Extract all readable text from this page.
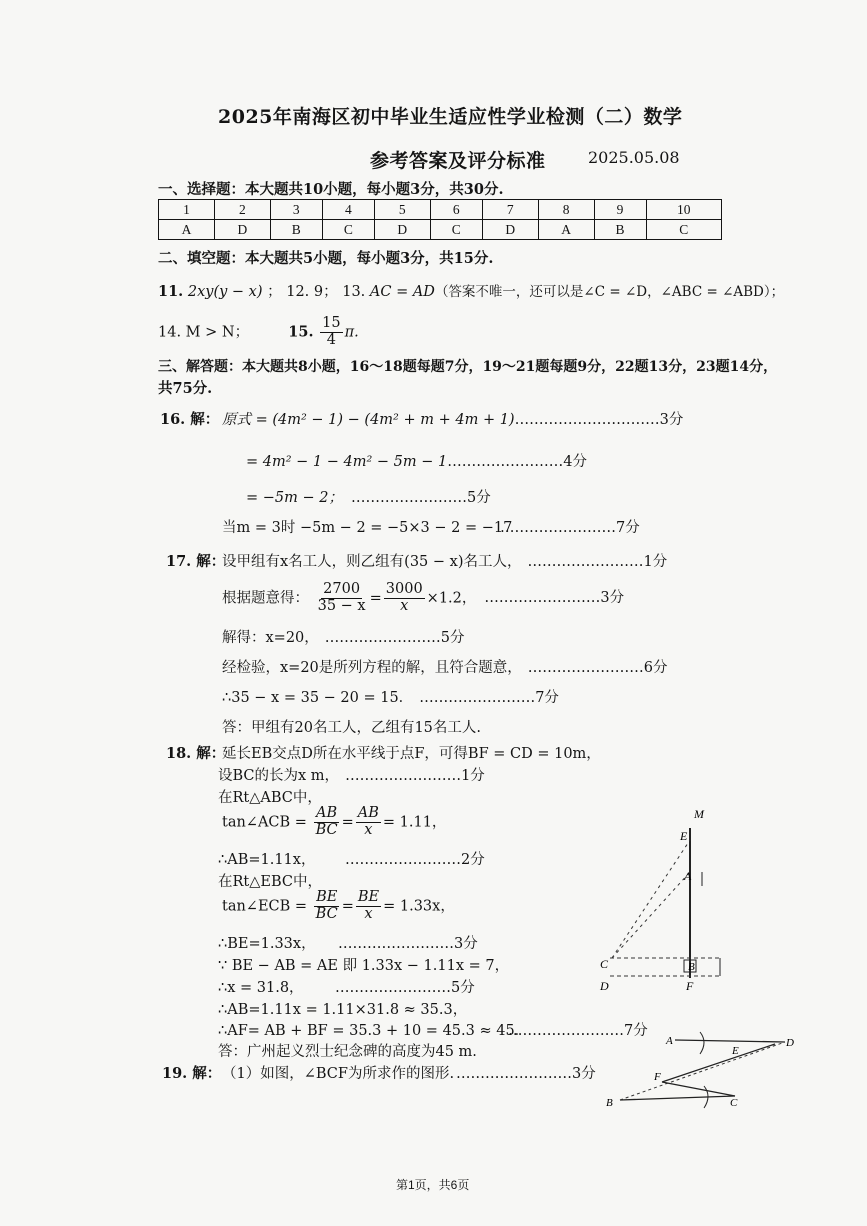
2025年南海区初中毕业生适应性学业检测（二）数学
参考答案及评分标准	2025.05.08
一、选择题：本大题共10小题，每小题3分，共30分.
1	2	3	4	5	6	7	8	9	10
A	D	B	C	D	C	D	A	B	C
二、填空题：本大题共5小题，每小题3分，共15分.
11. 2xy(y − x) ； 12. 9； 13. AC = AD（答案不唯一，还可以是∠C = ∠D，∠ABC = ∠ABD）；
14. M > N；	15. $\frac{15}{4} \pi$.
三、解答题：本大题共8小题，16～18题每题7分，19～21题每题9分，22题13分，23题14分，
共75分.
16. 解： 原式 = (4m² − 1) − (4m² + m + 4m + 1)…………………………3分
= 4m² − 1 − 4m² − 5m − 1……………………4分
= −5m − 2； ……………………5分
当m = 3时 −5m − 2 = −5×3 − 2 = −17
……………………7分
17. 解：
设甲组有x名工人，则乙组有(35 − x)名工人， ……………………1分
根据题意得： $\frac{2700}{35 - x} = \frac{3000}{x} \times 1.2$， ……………………3分
解得：x=20， ……………………5分
经检验，x=20是所列方程的解，且符合题意， ……………………6分
∴35 − x = 35 − 20 = 15． ……………………7分
答：甲组有20名工人，乙组有15名工人.
18. 解：
延长EB交点D所在水平线于点F，可得BF = CD = 10m，
设BC的长为x m， ……………………1分
在Rt△ABC中，
tan∠ACB = $\frac{AB}{BC} = \frac{AB}{x} = 1.11$，
∴AB=1.11x， ……………………2分
在Rt△EBC中，
tan∠ECB = $\frac{BE}{BC} = \frac{BE}{x} = 1.33x$，
∴BE=1.33x， ……………………3分
∵ BE − AB = AE 即 1.33x − 1.11x = 7，
∴x = 31.8， ……………………5分
∴AB=1.11x = 1.11×31.8 ≈ 35.3，
∴AF= AB + BF = 35.3 + 10 = 45.3 ≈ 45．
……………………7分
答：广州起义烈士纪念碑的高度为45 m.
19. 解： （1）如图，∠BCF为所求作的图形. ……………………3分
M
E
A
C	B
D	F
A	D
E
F
B	C
第1页，共6页
